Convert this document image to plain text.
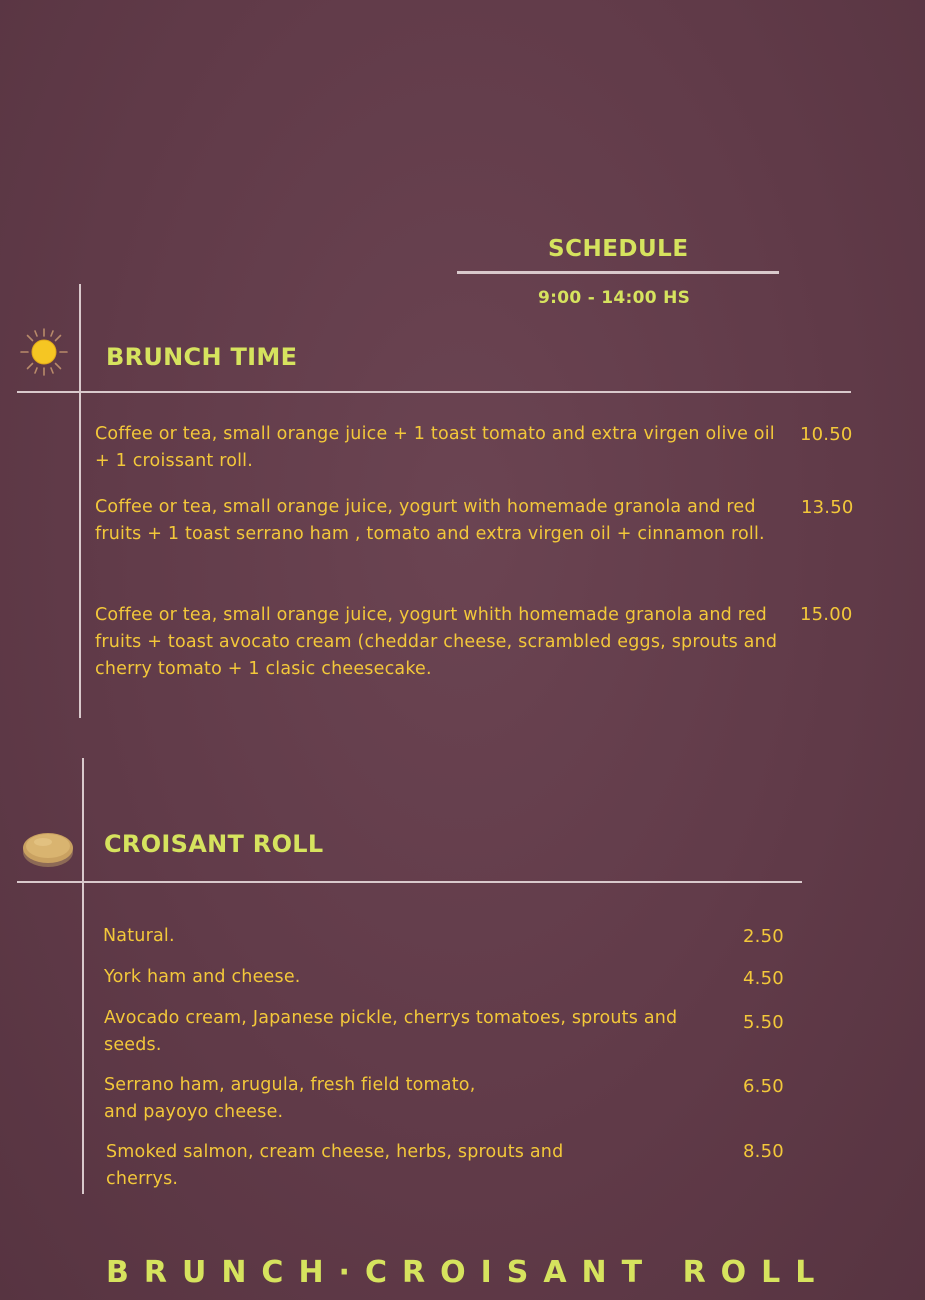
SCHEDULE
9:00 - 14:00 HS
BRUNCH TIME
Coffee or tea, small orange juice + 1 toast tomato and extra virgen olive oil + 1 croissant roll.
10.50
Coffee or tea, small orange juice, yogurt with homemade granola and red fruits + 1 toast serrano ham , tomato and extra virgen oil + cinnamon roll.
13.50
Coffee or tea, small orange juice, yogurt whith homemade granola and red fruits + toast avocato cream (cheddar cheese, scrambled eggs, sprouts and cherry tomato + 1 clasic cheesecake.
15.00
CROISANT ROLL
Natural.	2.50
York ham and cheese.	4.50
Avocado cream, Japanese pickle, cherrys tomatoes, sprouts and seeds.
5.50
Serrano ham, arugula, fresh field tomato, and payoyo cheese.
6.50
Smoked salmon, cream cheese, herbs, sprouts and cherrys.
8.50
BRUNCH·CROISANT ROLL
